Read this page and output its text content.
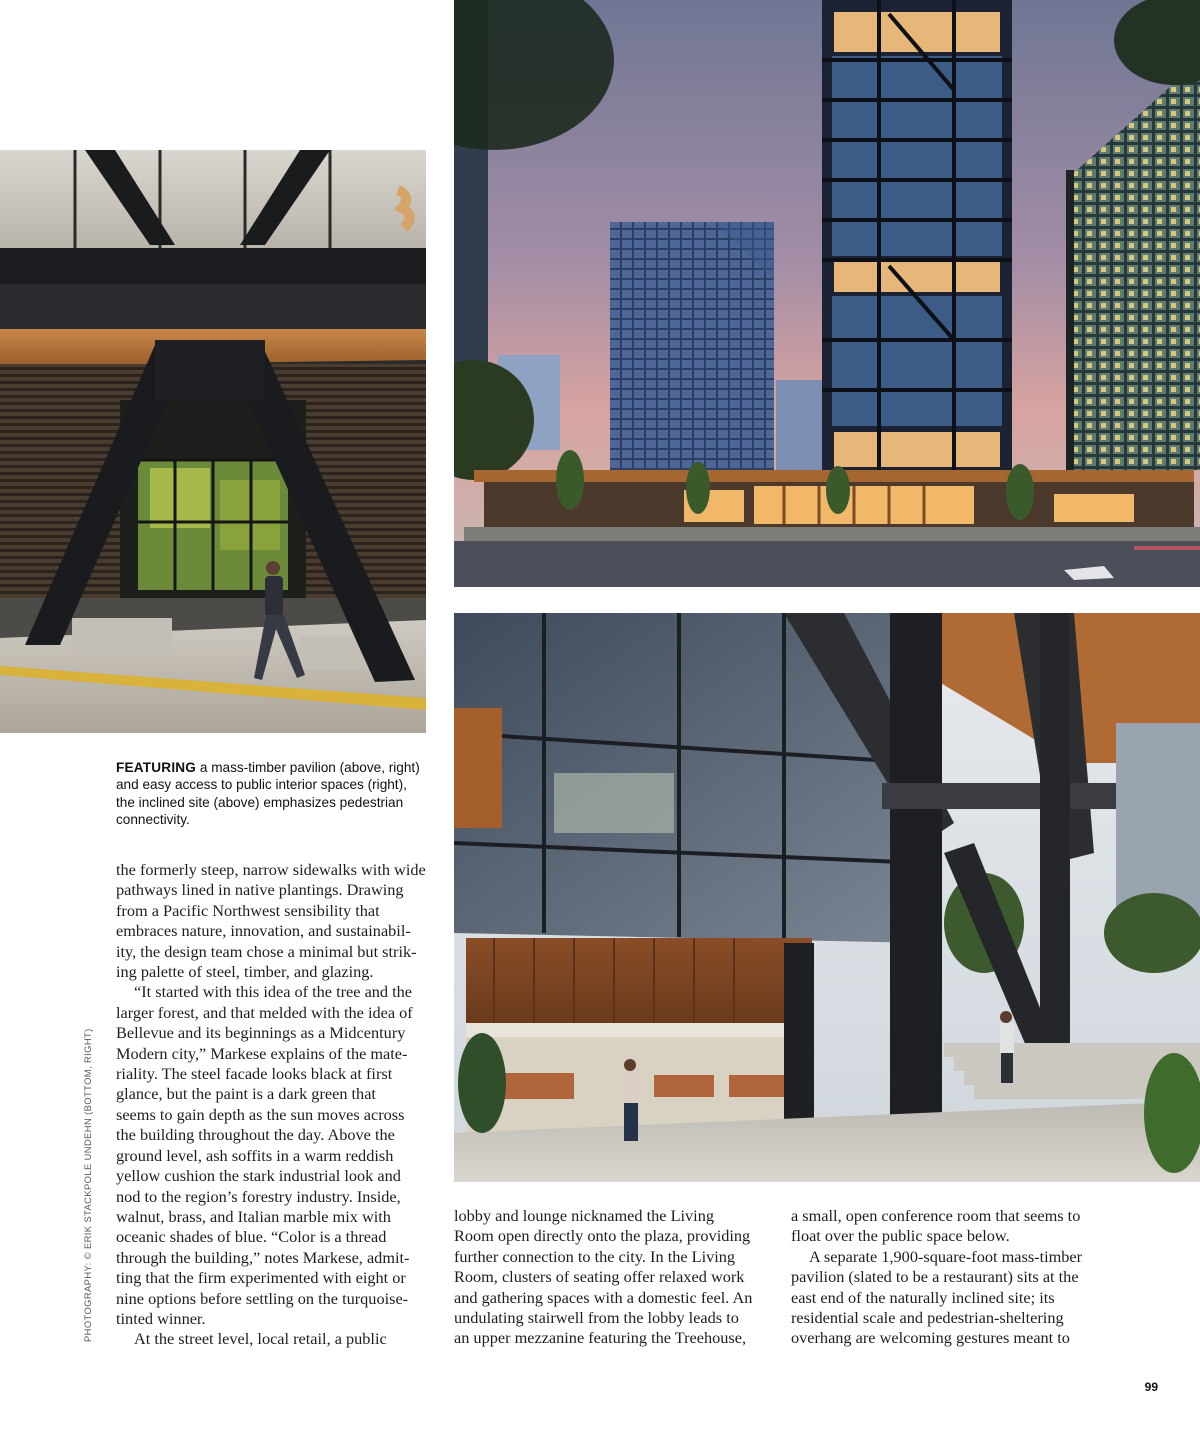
FEATURING a mass-timber pavilion (above, right) and easy access to public interior spaces (right), the inclined site (above) emphasizes pedestrian connectivity.

the formerly steep, narrow sidewalks with wide
pathways lined in native plantings. Drawing
from a Pacific Northwest sensibility that
embraces nature, innovation, and sustainabil-
ity, the design team chose a minimal but strik-
ing palette of steel, timber, and glazing.

“It started with this idea of the tree and the
larger forest, and that melded with the idea of
Bellevue and its beginnings as a Midcentury
Modern city,” Markese explains of the mate-
riality. The steel facade looks black at first
glance, but the paint is a dark green that
seems to gain depth as the sun moves across
the building throughout the day. Above the
ground level, ash soffits in a warm reddish
yellow cushion the stark industrial look and
nod to the region’s forestry industry. Inside,
walnut, brass, and Italian marble mix with
oceanic shades of blue. “Color is a thread
through the building,” notes Markese, admit-
ting that the firm experimented with eight or
nine options before settling on the turquoise-
tinted winner.

At the street level, local retail, a public

lobby and lounge nicknamed the Living
Room open directly onto the plaza, providing
further connection to the city. In the Living
Room, clusters of seating offer relaxed work
and gathering spaces with a domestic feel. An
undulating stairwell from the lobby leads to
an upper mezzanine featuring the Treehouse,

a small, open conference room that seems to
float over the public space below.

A separate 1,900-square-foot mass-timber
pavilion (slated to be a restaurant) sits at the
east end of the naturally inclined site; its
residential scale and pedestrian-sheltering
overhang are welcoming gestures meant to

PHOTOGRAPHY: © ERIK STACKPOLE UNDEHN (BOTTOM, RIGHT)
99
